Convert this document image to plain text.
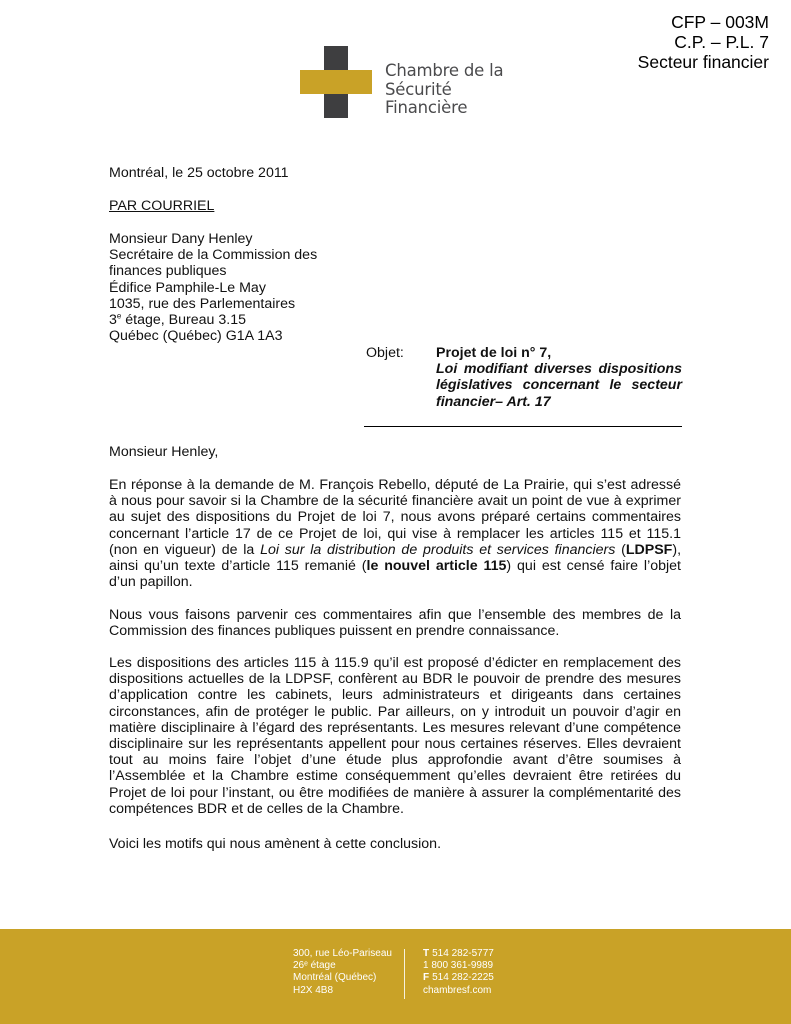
CFP – 003M
C.P. – P.L. 7
Secteur financier
Chambre de la
Sécurité
Financière
Montréal, le 25 octobre 2011
PAR COURRIEL
Monsieur Dany Henley
Secrétaire de la Commission des
finances publiques
Édifice Pamphile-Le May
1035, rue des Parlementaires
3e étage, Bureau 3.15
Québec (Québec) G1A 1A3
Objet: Projet de loi n° 7,
Loi modifiant diverses dispositions législatives concernant le secteur financier– Art. 17
Monsieur Henley,
En réponse à la demande de M. François Rebello, député de La Prairie, qui s’est adressé à nous pour savoir si la Chambre de la sécurité financière avait un point de vue à exprimer au sujet des dispositions du Projet de loi 7, nous avons préparé certains commentaires concernant l’article 17 de ce Projet de loi, qui vise à remplacer les articles 115 et 115.1 (non en vigueur) de la Loi sur la distribution de produits et services financiers (LDPSF), ainsi qu’un texte d’article 115 remanié (le nouvel article 115) qui est censé faire l’objet d’un papillon.
Nous vous faisons parvenir ces commentaires afin que l’ensemble des membres de la Commission des finances publiques puissent en prendre connaissance.
Les dispositions des articles 115 à 115.9 qu’il est proposé d’édicter en remplacement des dispositions actuelles de la LDPSF, confèrent au BDR le pouvoir de prendre des mesures d’application contre les cabinets, leurs administrateurs et dirigeants dans certaines circonstances, afin de protéger le public. Par ailleurs, on y introduit un pouvoir d’agir en matière disciplinaire à l’égard des représentants. Les mesures relevant d’une compétence disciplinaire sur les représentants appellent pour nous certaines réserves. Elles devraient tout au moins faire l’objet d’une étude plus approfondie avant d’être soumises à l’Assemblée et la Chambre estime conséquemment qu’elles devraient être retirées du Projet de loi pour l’instant, ou être modifiées de manière à assurer la complémentarité des compétences BDR et de celles de la Chambre.
Voici les motifs qui nous amènent à cette conclusion.
300, rue Léo-Pariseau
26ᵉ étage
Montréal (Québec)
H2X 4B8
T 514 282-5777
1 800 361-9989
F 514 282-2225
chambresf.com
